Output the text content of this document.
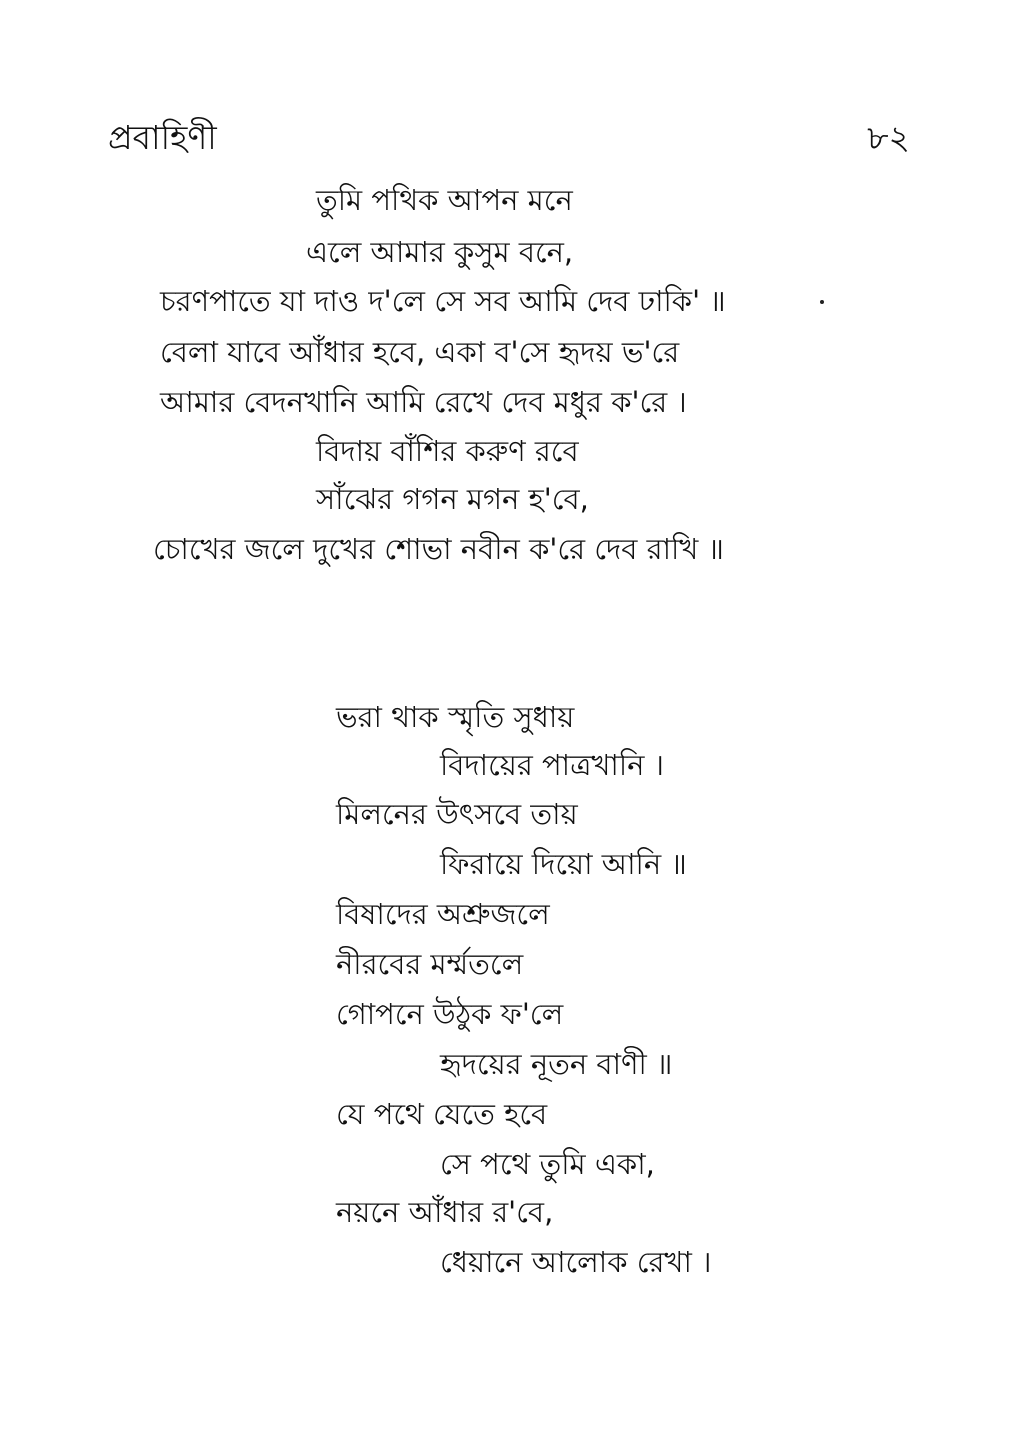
প্রবাহিণী	৮২
তুমি পথিক আপন মনে
এলে আমার কুসুম বনে,
চরণপাতে যা দাও দ'লে সে সব আমি দেব ঢাকি' ॥
বেলা যাবে আঁধার হবে, একা ব'সে হৃদয় ভ'রে
আমার বেদনখানি আমি রেখে দেব মধুর ক'রে ।
বিদায় বাঁশির করুণ রবে
সাঁঝের গগন মগন হ'বে,
চোখের জলে দুখের শোভা নবীন ক'রে দেব রাখি ॥
ভরা থাক স্মৃতি সুধায়
বিদায়ের পাত্রখানি ।
মিলনের উৎসবে তায়
ফিরায়ে দিয়ো আনি ॥
বিষাদের অশ্রুজলে
নীরবের মর্ম্মতলে
গোপনে উঠুক ফ'লে
হৃদয়ের নূতন বাণী ॥
যে পথে যেতে হবে
সে পথে তুমি একা,
নয়নে আঁধার র'বে,
ধেয়ানে আলোক রেখা ।
